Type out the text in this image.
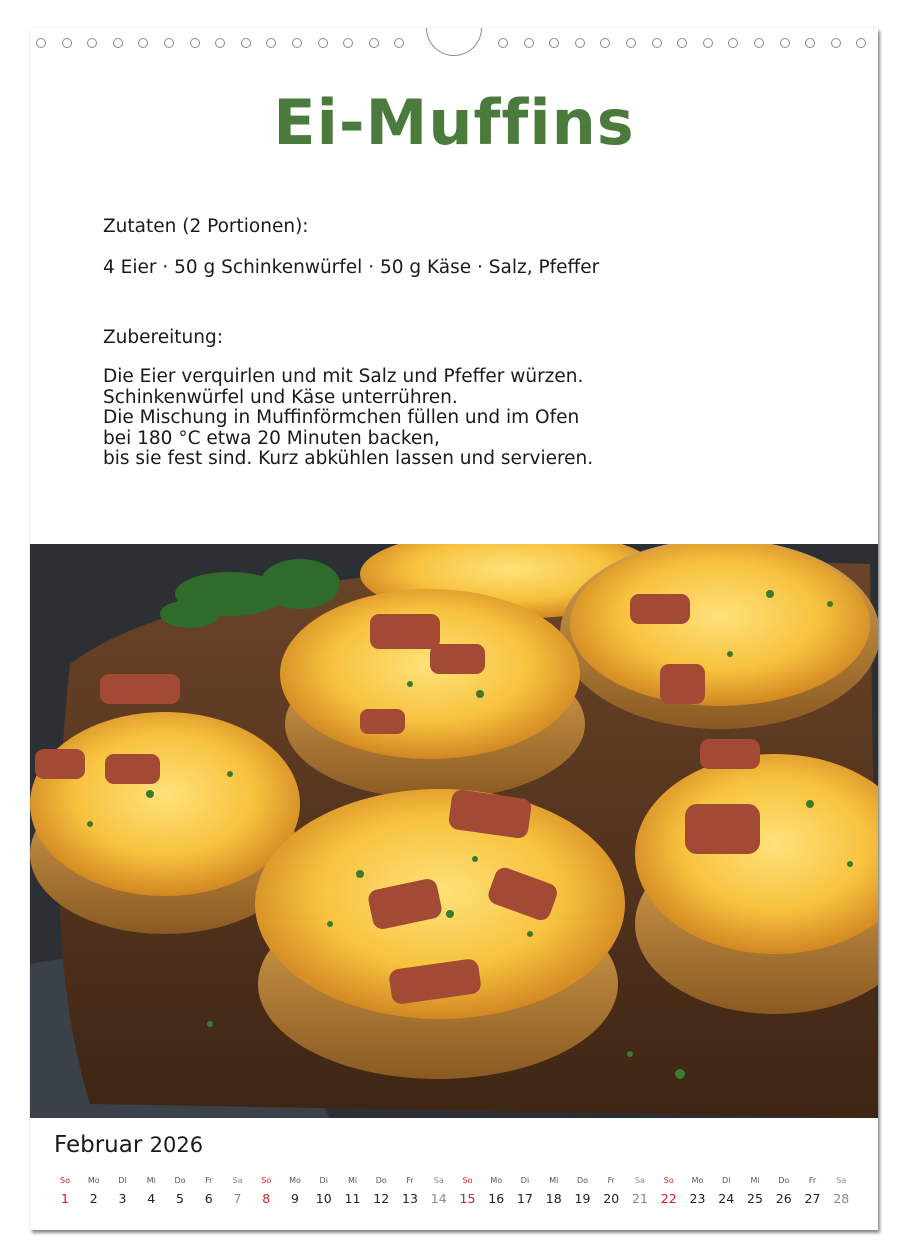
Ei-Muffins

Zutaten (2 Portionen):

4 Eier · 50 g Schinkenwürfel · 50 g Käse · Salz, Pfeffer

Zubereitung:

Die Eier verquirlen und mit Salz und Pfeffer würzen.
Schinkenwürfel und Käse unterrühren.
Die Mischung in Muffinförmchen füllen und im Ofen
bei 180 °C etwa 20 Minuten backen,
bis sie fest sind. Kurz abkühlen lassen und servieren.
Februar 2026
So
1
Mo
2
Di
3
Mi
4
Do
5
Fr
6
Sa
7
So
8
Mo
9
Di
10
Mi
11
Do
12
Fr
13
Sa
14
So
15
Mo
16
Di
17
Mi
18
Do
19
Fr
20
Sa
21
So
22
Mo
23
Di
24
Mi
25
Do
26
Fr
27
Sa
28
